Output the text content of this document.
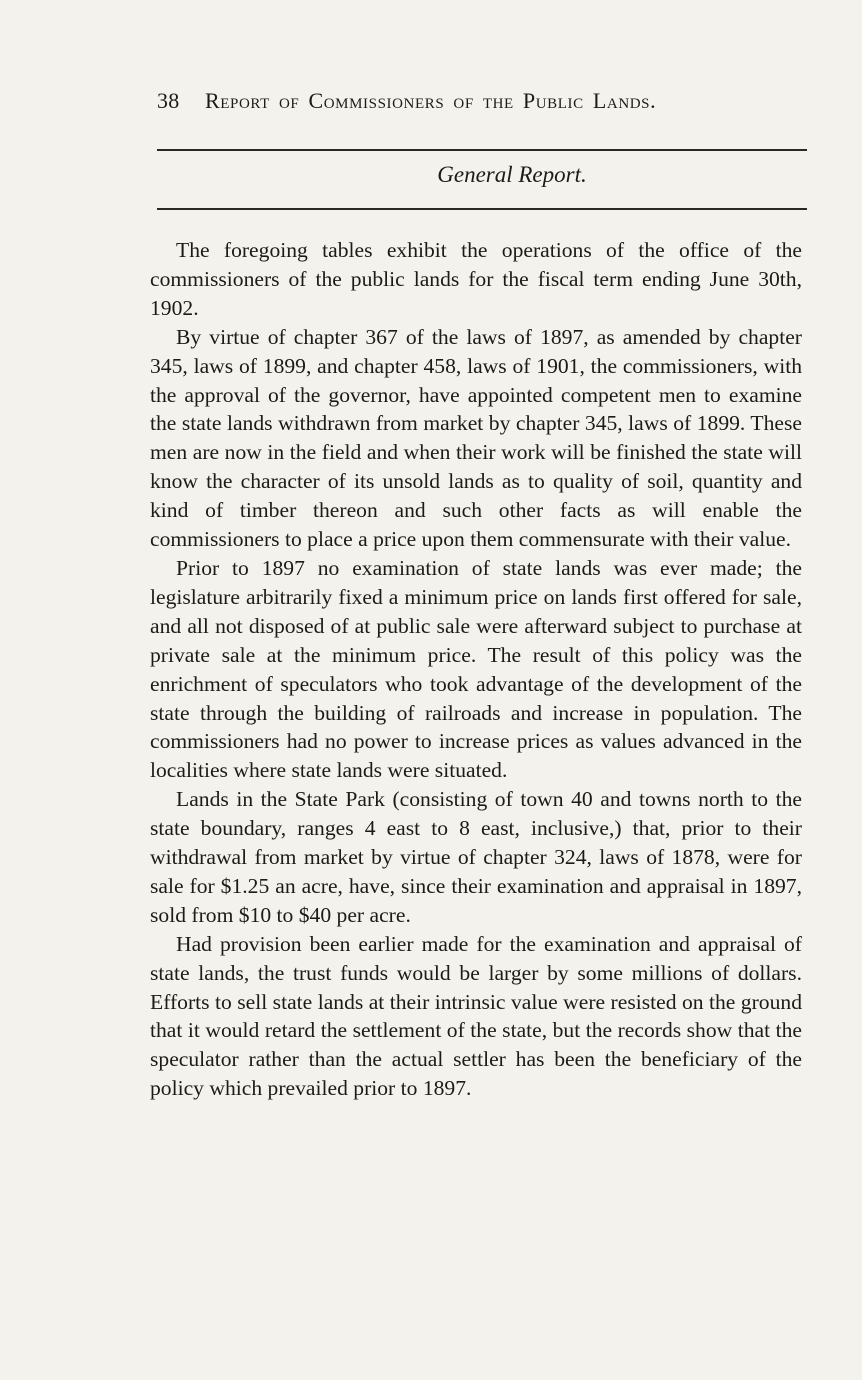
38 Report of Commissioners of the Public Lands.
General Report.

The foregoing tables exhibit the operations of the office of the commissioners of the public lands for the fiscal term ending June 30th, 1902.

By virtue of chapter 367 of the laws of 1897, as amended by chapter 345, laws of 1899, and chapter 458, laws of 1901, the commissioners, with the approval of the governor, have appointed competent men to examine the state lands withdrawn from market by chapter 345, laws of 1899. These men are now in the field and when their work will be finished the state will know the character of its unsold lands as to quality of soil, quantity and kind of timber thereon and such other facts as will enable the commissioners to place a price upon them commensurate with their value.

Prior to 1897 no examination of state lands was ever made; the legislature arbitrarily fixed a minimum price on lands first offered for sale, and all not disposed of at public sale were afterward subject to purchase at private sale at the minimum price. The result of this policy was the enrichment of speculators who took advantage of the development of the state through the building of railroads and increase in population. The commissioners had no power to increase prices as values advanced in the localities where state lands were situated.

Lands in the State Park (consisting of town 40 and towns north to the state boundary, ranges 4 east to 8 east, inclusive,) that, prior to their withdrawal from market by virtue of chapter 324, laws of 1878, were for sale for $1.25 an acre, have, since their examination and appraisal in 1897, sold from $10 to $40 per acre.

Had provision been earlier made for the examination and appraisal of state lands, the trust funds would be larger by some millions of dollars. Efforts to sell state lands at their intrinsic value were resisted on the ground that it would retard the settlement of the state, but the records show that the speculator rather than the actual settler has been the beneficiary of the policy which prevailed prior to 1897.
